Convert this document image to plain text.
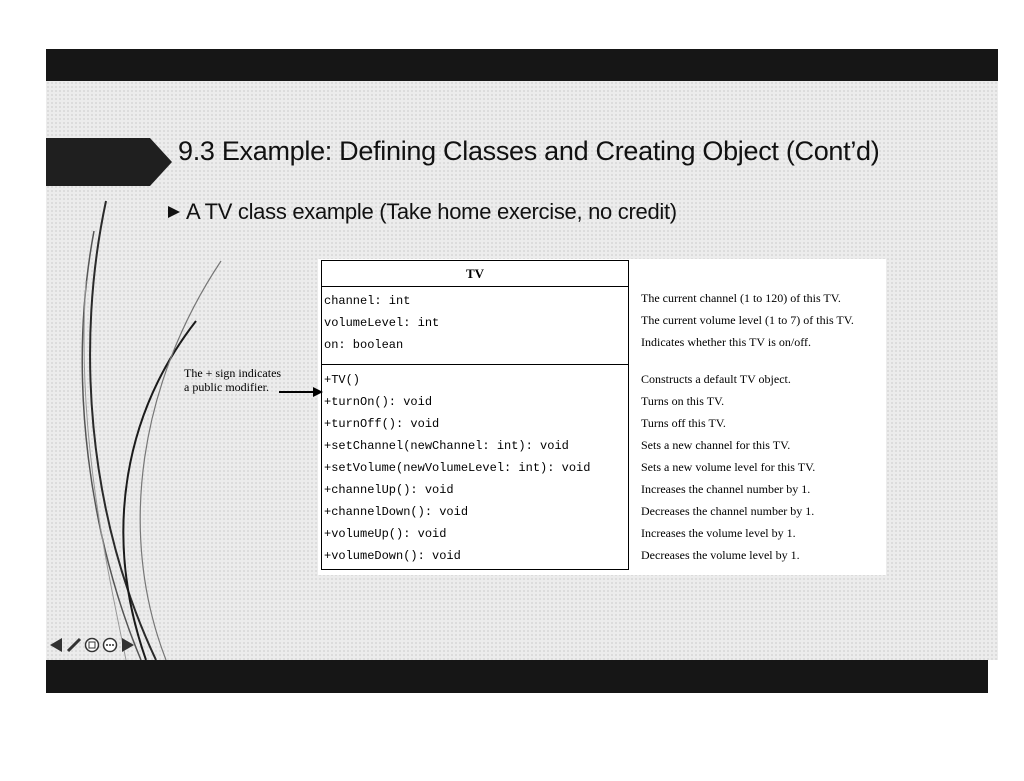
9.3 Example: Defining Classes and Creating Object (Cont’d)
A TV class example (Take home exercise, no credit)
TV
channel: int
volumeLevel: int
on: boolean
+TV()
+turnOn(): void
+turnOff(): void
+setChannel(newChannel: int): void
+setVolume(newVolumeLevel: int): void
+channelUp(): void
+channelDown(): void
+volumeUp(): void
+volumeDown(): void
The current channel (1 to 120) of this TV.
The current volume level (1 to 7) of this TV.
Indicates whether this TV is on/off.
Constructs a default TV object.
Turns on this TV.
Turns off this TV.
Sets a new channel for this TV.
Sets a new volume level for this TV.
Increases the channel number by 1.
Decreases the channel number by 1.
Increases the volume level by 1.
Decreases the volume level by 1.
The + sign indicates
a public modifier.
